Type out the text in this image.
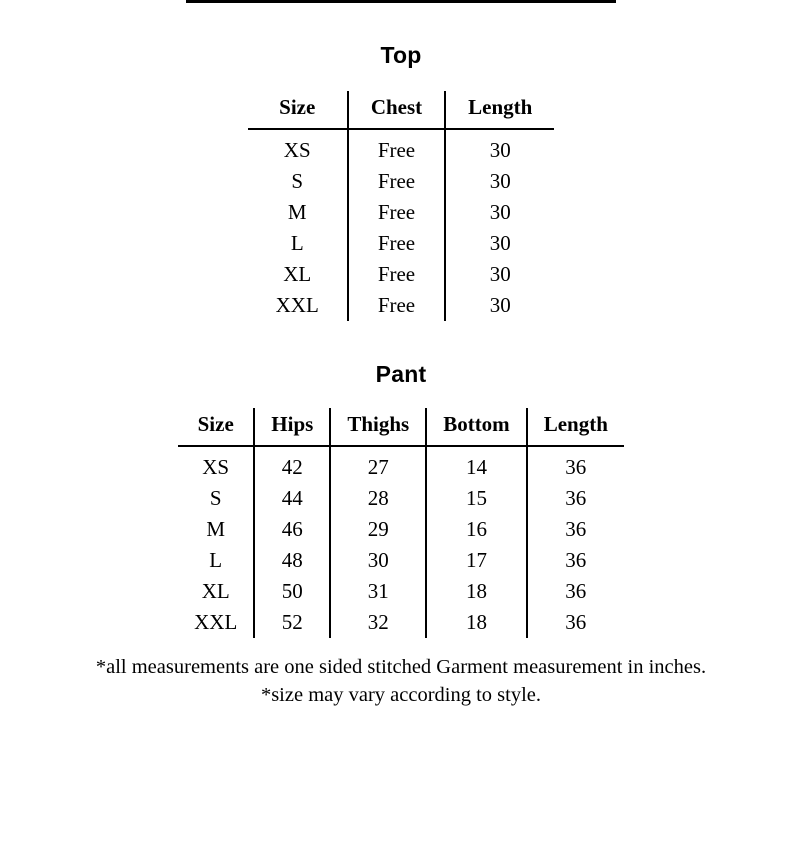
Top
Size	Chest	Length
XS	Free	30
S	Free	30
M	Free	30
L	Free	30
XL	Free	30
XXL	Free	30
Pant
Size	Hips	Thighs	Bottom	Length
XS	42	27	14	36
S	44	28	15	36
M	46	29	16	36
L	48	30	17	36
XL	50	31	18	36
XXL	52	32	18	36
*all measurements are one sided stitched Garment measurement in inches.
*size may vary according to style.
